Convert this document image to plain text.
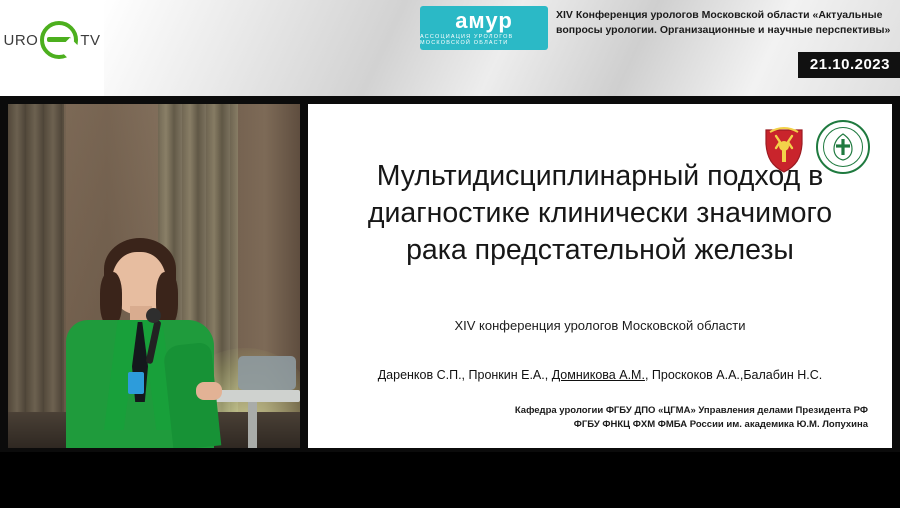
URO	TV
амур
АССОЦИАЦИЯ УРОЛОГОВ МОСКОВСКОЙ ОБЛАСТИ
XIV Конференция урологов Московской области «Актуальные вопросы урологии. Организационные и научные перспективы»
21.10.2023
Мультидисциплинарный подход в диагностике клинически значимого рака предстательной железы
XIV конференция урологов Московской области
Даренков С.П., Пронкин Е.А., Домникова А.М., Проскоков А.А.,Балабин Н.С.
Кафедра урологии ФГБУ ДПО «ЦГМА» Управления делами Президента РФ
ФГБУ ФНКЦ ФХМ ФМБА России им. академика Ю.М. Лопухина
